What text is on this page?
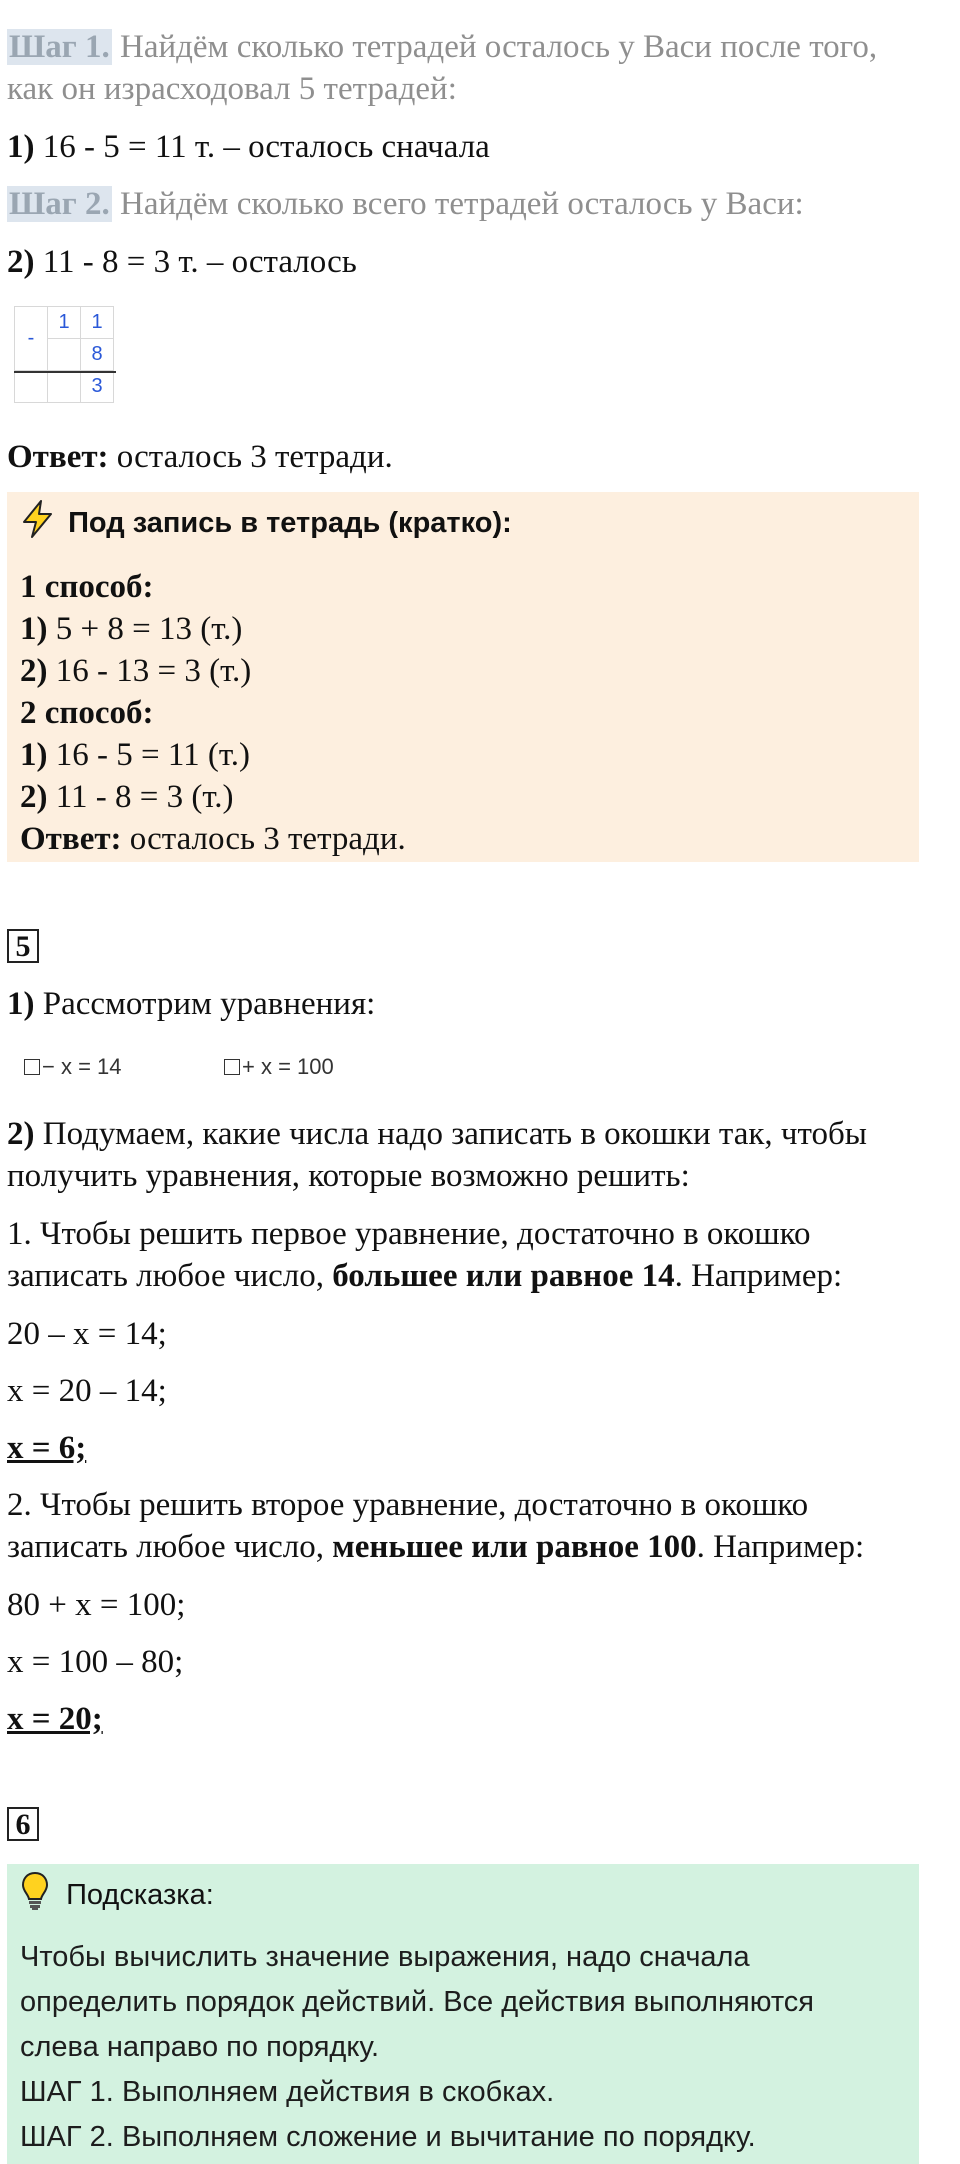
Шаг 1. Найдём сколько тетрадей осталось у Васи после того,
как он израсходовал 5 тетрадей:
1) 16 - 5 = 11 т. – осталось сначала
Шаг 2. Найдём сколько всего тетрадей осталось у Васи:
2) 11 - 8 = 3 т. – осталось
-	1	1
		8
		3
Ответ: осталось 3 тетради.
Под запись в тетрадь (кратко):
1 способ:
1) 5 + 8 = 13 (т.)
2) 16 - 13 = 3 (т.)
2 способ:
1) 16 - 5 = 11 (т.)
2) 11 - 8 = 3 (т.)
Ответ: осталось 3 тетради.
5
1) Рассмотрим уравнения:
− x = 14	+ x = 100
2) Подумаем, какие числа надо записать в окошки так, чтобы
получить уравнения, которые возможно решить:
1. Чтобы решить первое уравнение, достаточно в окошко
записать любое число, большее или равное 14. Например:
20 – х = 14;
х = 20 – 14;
х = 6;
2. Чтобы решить второе уравнение, достаточно в окошко
записать любое число, меньшее или равное 100. Например:
80 + х = 100;
х = 100 – 80;
х = 20;
6
Подсказка:
Чтобы вычислить значение выражения, надо сначала
определить порядок действий. Все действия выполняются
слева направо по порядку.
ШАГ 1. Выполняем действия в скобках.
ШАГ 2. Выполняем сложение и вычитание по порядку.
